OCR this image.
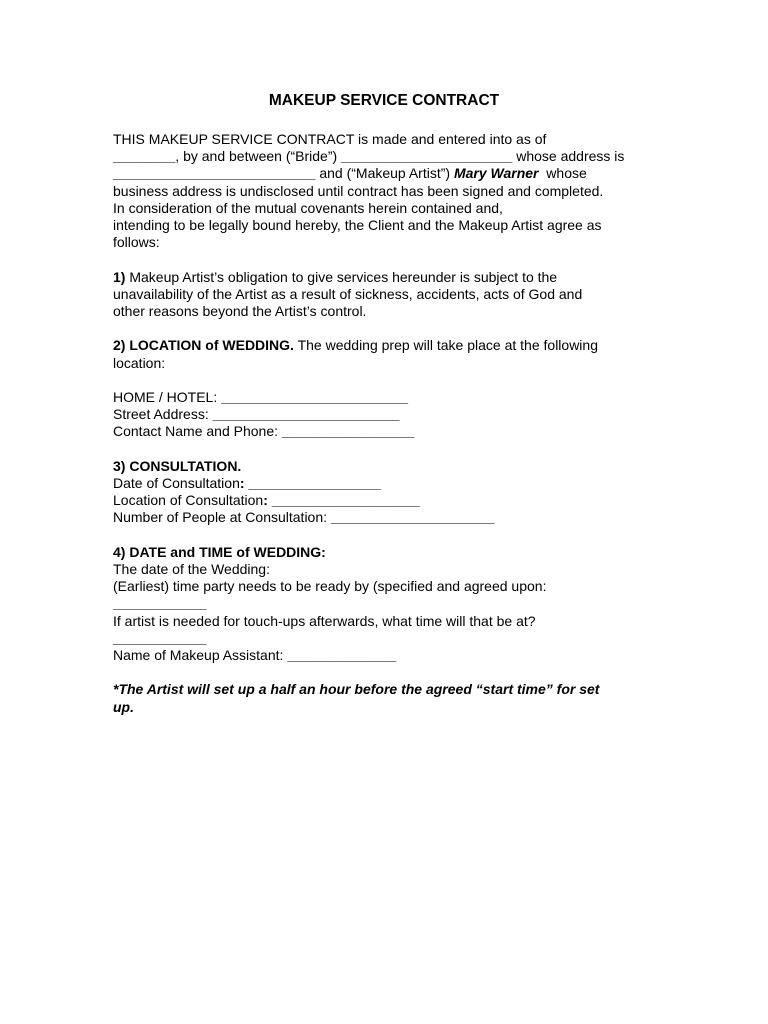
MAKEUP SERVICE CONTRACT

THIS MAKEUP SERVICE CONTRACT is made and entered into as of

________, by and between (“Bride”) ______________________ whose address is

__________________________ and (“Makeup Artist”) Mary Warner  whose

business address is undisclosed until contract has been signed and completed.

In consideration of the mutual covenants herein contained and,

intending to be legally bound hereby, the Client and the Makeup Artist agree as

follows:

1) Makeup Artist’s obligation to give services hereunder is subject to the

unavailability of the Artist as a result of sickness, accidents, acts of God and

other reasons beyond the Artist’s control.

2) LOCATION of WEDDING. The wedding prep will take place at the following

location:

HOME / HOTEL: ________________________

Street Address: ________________________

Contact Name and Phone: _________________

3) CONSULTATION.

Date of Consultation: _________________

Location of Consultation: ___________________

Number of People at Consultation: _____________________

4) DATE and TIME of WEDDING:

The date of the Wedding:

(Earliest) time party needs to be ready by (specified and agreed upon:

____________

If artist is needed for touch-ups afterwards, what time will that be at?

____________

Name of Makeup Assistant: ______________

*The Artist will set up a half an hour before the agreed “start time” for set

up.
